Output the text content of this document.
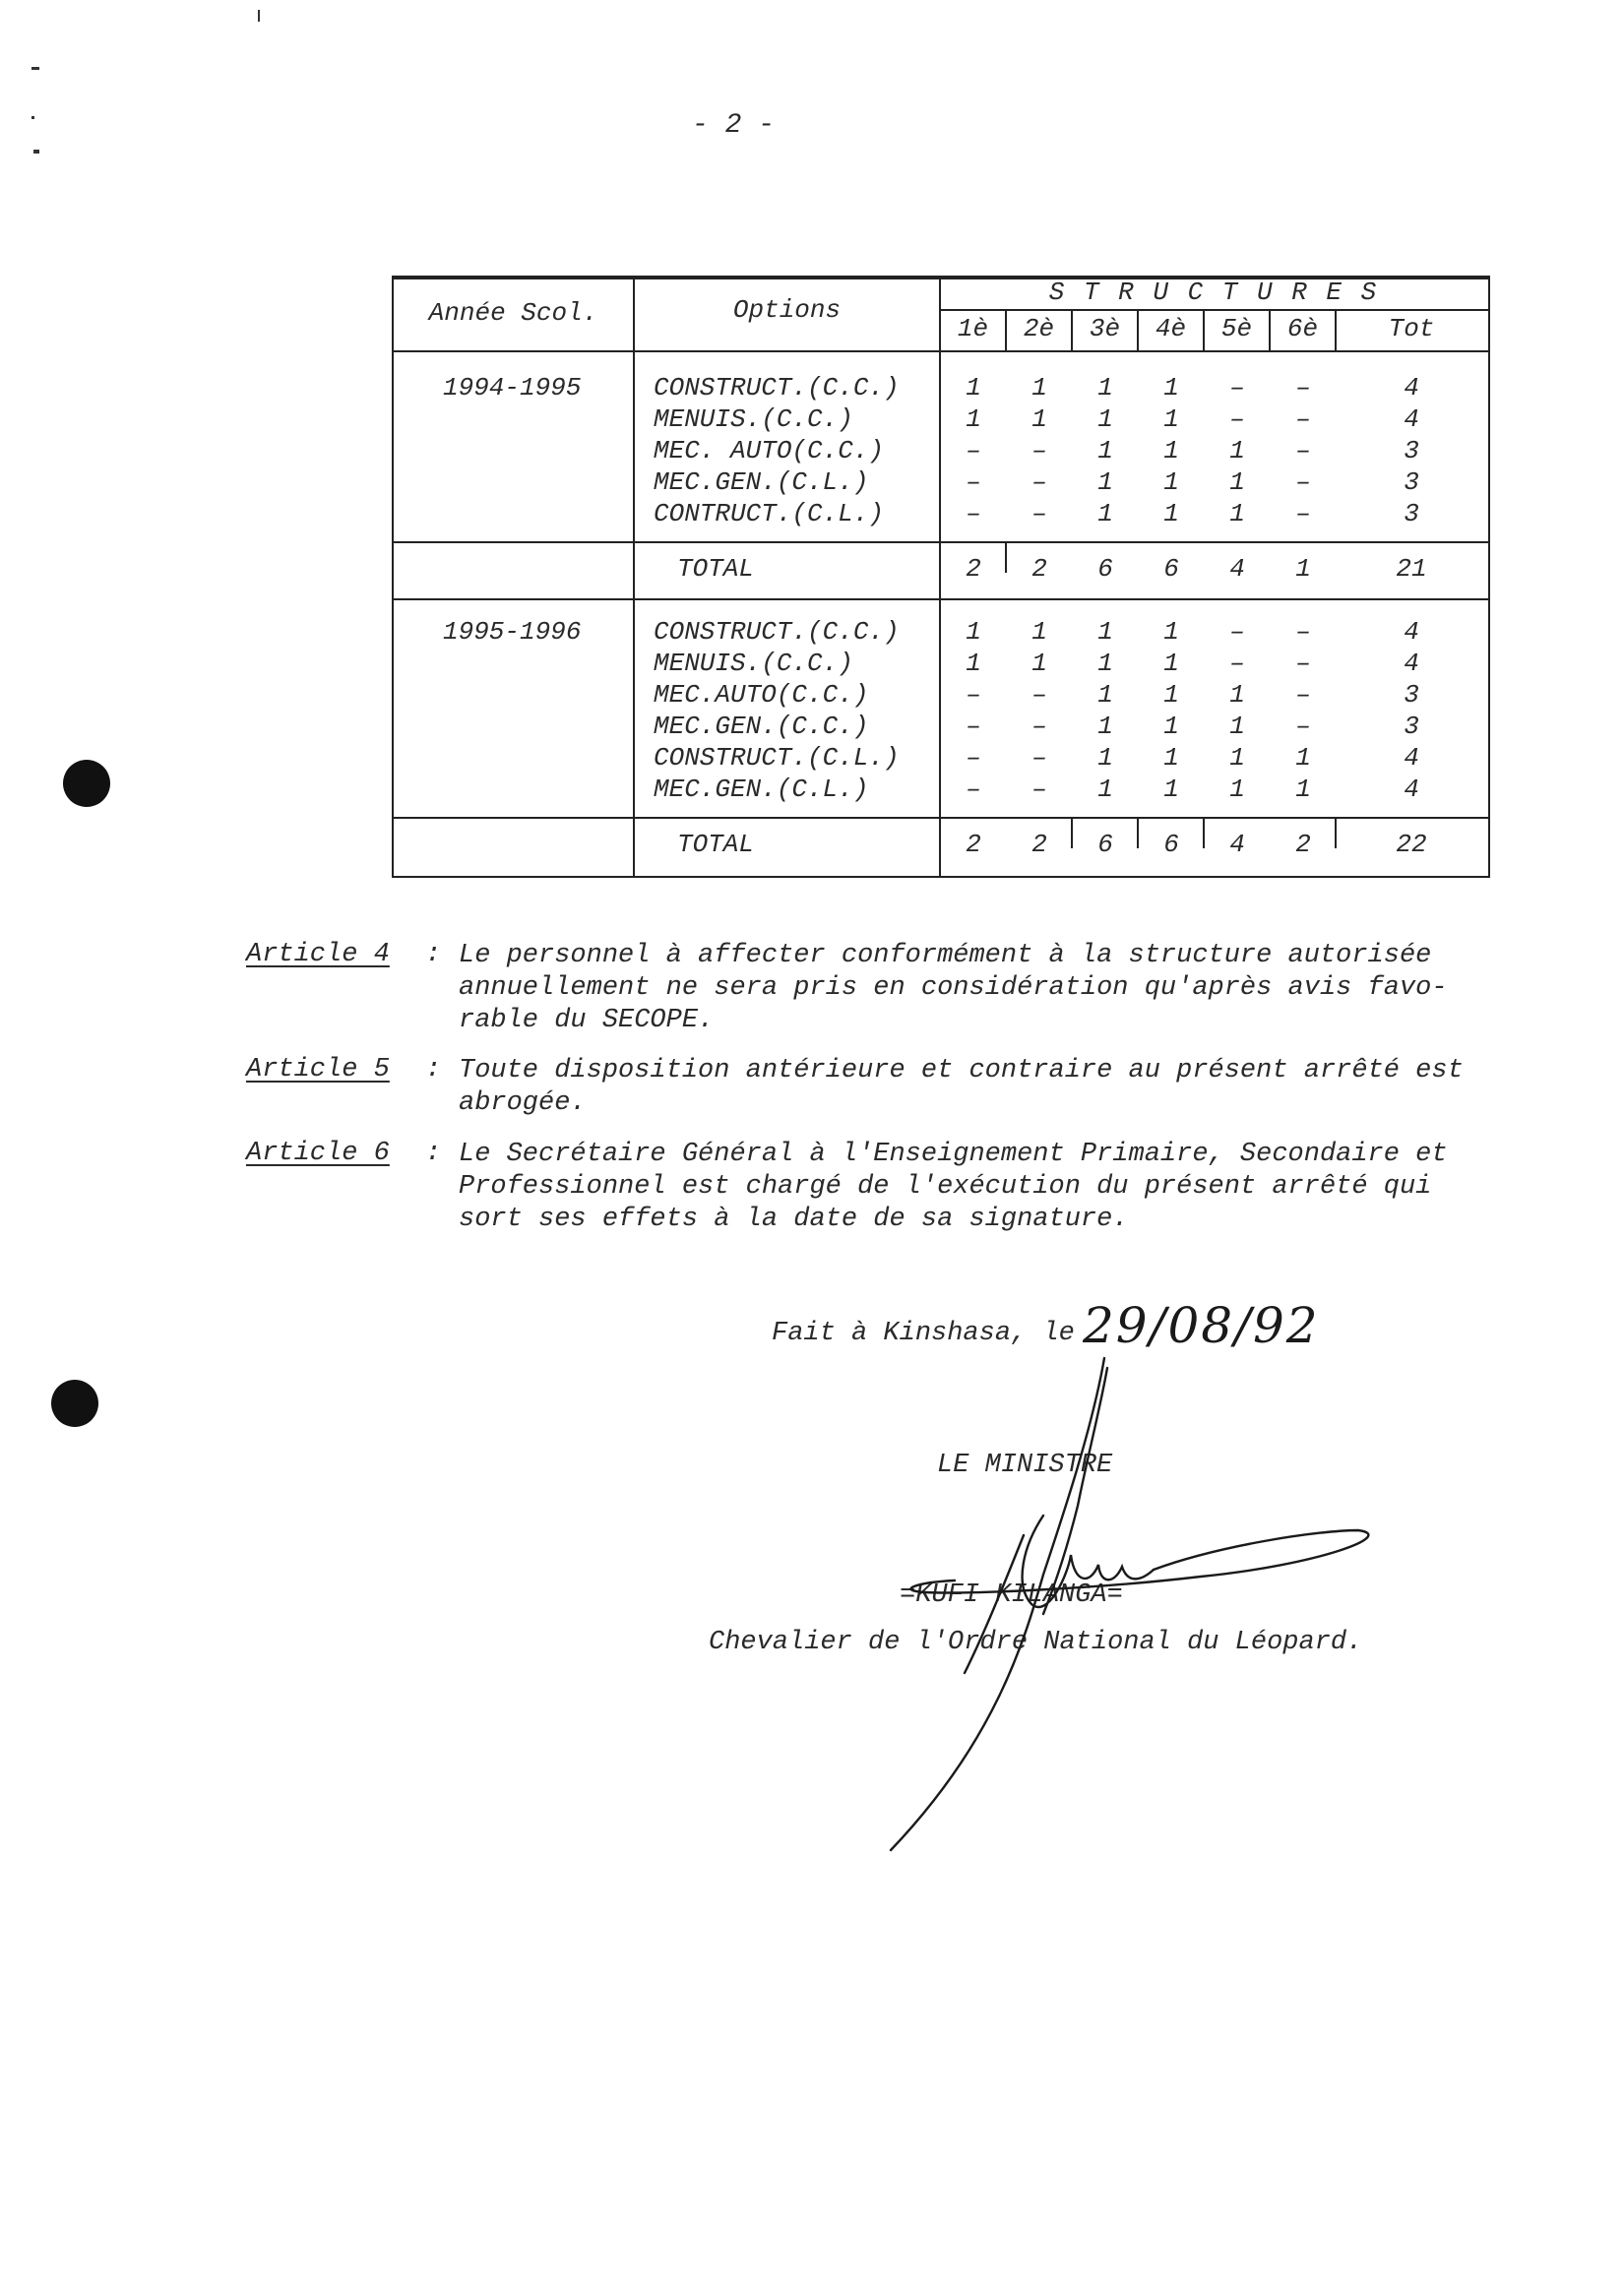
- 2 -
Année Scol.	Options
S T R U C T U R E S
1è	2è	3è	4è	5è	6è	Tot
1994-1995	CONSTRUCT.(C.C.)	1	1	1	1	–	–	4
MENUIS.(C.C.)	1	1	1	1	–	–	4
MEC. AUTO(C.C.)	–	–	1	1	1	–	3
MEC.GEN.(C.L.)	–	–	1	1	1	–	3
CONTRUCT.(C.L.)	–	–	1	1	1	–	3
TOTAL	2	2	6	6	4	1	21
1995-1996	CONSTRUCT.(C.C.)	1	1	1	1	–	–	4
MENUIS.(C.C.)	1	1	1	1	–	–	4
MEC.AUTO(C.C.)	–	–	1	1	1	–	3
MEC.GEN.(C.C.)	–	–	1	1	1	–	3
CONSTRUCT.(C.L.)	–	–	1	1	1	1	4
MEC.GEN.(C.L.)	–	–	1	1	1	1	4
TOTAL	2	2	6	6	4	2	22
Article 4 : Le personnel à affecter conformément à la structure autorisée
annuellement ne sera pris en considération qu'après avis favo-
rable du SECOPE.
Article 5 : Toute disposition antérieure et contraire au présent arrêté est
abrogée.
Article 6 : Le Secrétaire Général à l'Enseignement Primaire, Secondaire et
Professionnel est chargé de l'exécution du présent arrêté qui
sort ses effets à la date de sa signature.
Fait à Kinshasa, le 29/08/92
LE MINISTRE
=KUFI KILANGA=
Chevalier de l'Ordre National du Léopard.
